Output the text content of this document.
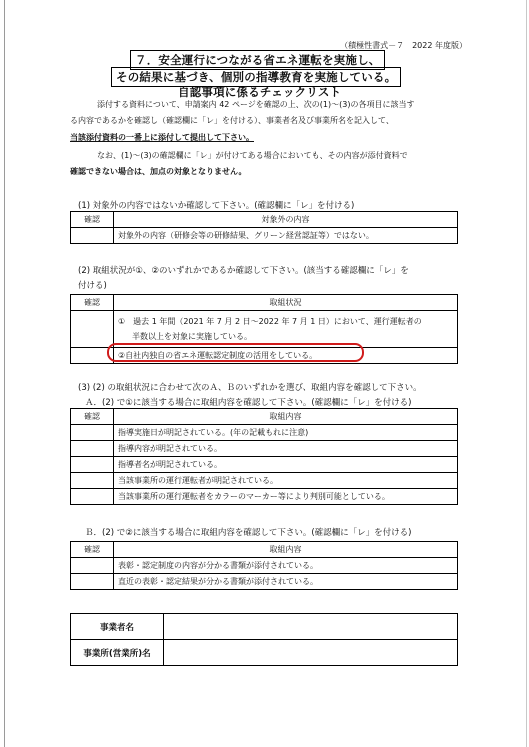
（積極性書式－７　2022 年度版）
７．安全運行につながる省エネ運転を実施し、
その結果に基づき、個別の指導教育を実施している。
自認事項に係るチェックリスト
添付する資料について、申請案内 42 ページを確認の上、次の(1)～(3)の各項目に該当す
る内容であるかを確認し（確認欄に「レ」を付ける）、事業者名及び事業所名を記入して、
当該添付資料の一番上に添付して提出して下さい。
なお、(1)～(3)の確認欄に「レ」が付けてある場合においても、その内容が添付資料で
確認できない場合は、加点の対象となりません。
(1) 対象外の内容ではないか確認して下さい。(確認欄に「レ」を付ける)
確認	対象外の内容
	対象外の内容（研修会等の研修結果、グリーン経営認証等）ではない。
(2) 取組状況が①、②のいずれかであるか確認して下さい。(該当する確認欄に「レ」を
付ける)
確認	取組状況

	①　過去 1 年間（2021 年 7 月 2 日～2022 年 7 月 1 日）において、運行運転者の
半数以上を対象に実施している。

	②自社内独自の省エネ運転認定制度の活用をしている。
(3) (2) の取組状況に合わせて次のＡ、Ｂのいずれかを選び、取組内容を確認して下さい。
Ａ．(2) で①に該当する場合に取組内容を確認して下さい。(確認欄に「レ」を付ける)
確認	取組内容
	指導実施日が明記されている。(年の記載もれに注意)
	指導内容が明記されている。
	指導者名が明記されている。
	当該事業所の運行運転者が明記されている。
	当該事業所の運行運転者をカラーのマーカー等により判別可能としている。
Ｂ．(2) で②に該当する場合に取組内容を確認して下さい。(確認欄に「レ」を付ける)
確認	取組内容
	表彰・認定制度の内容が分かる書類が添付されている。
	直近の表彰・認定結果が分かる書類が添付されている。
事業者名	
事業所(営業所)名	
